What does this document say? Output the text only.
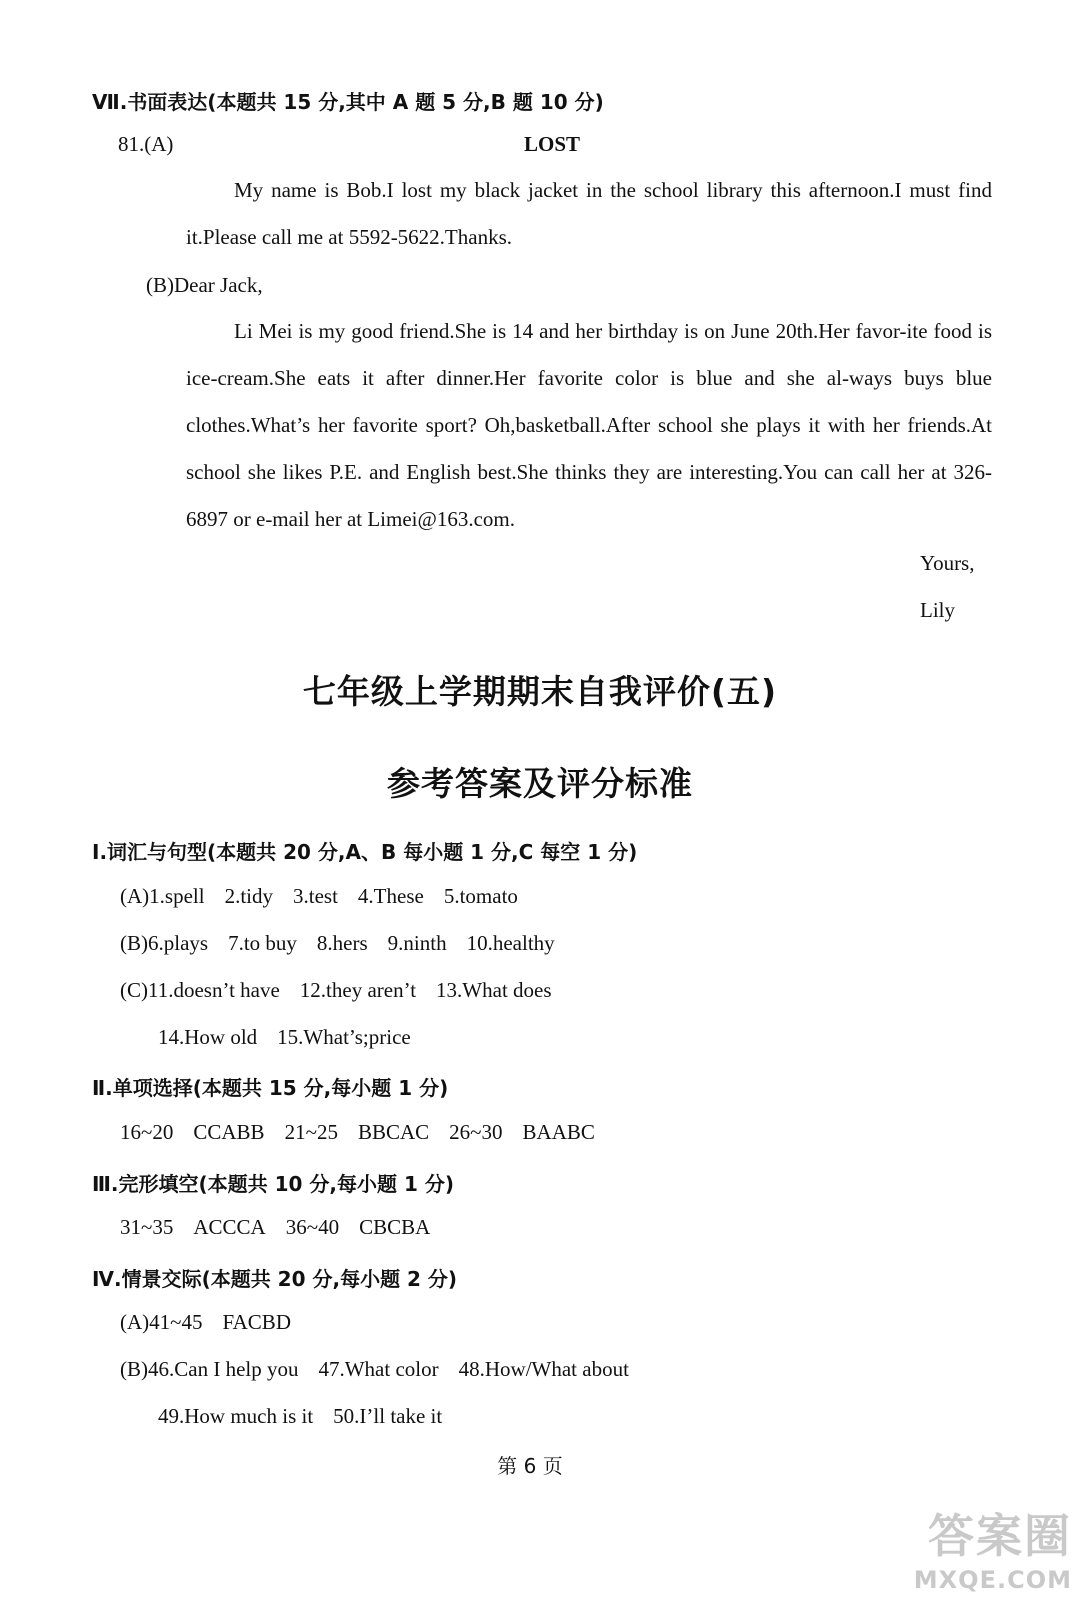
Ⅶ.书面表达(本题共 15 分,其中 A 题 5 分,B 题 10 分)
81.(A)	LOST
My name is Bob.I lost my black jacket in the school library this afternoon.I must find it.Please call me at 5592-5622.Thanks.
(B)Dear Jack,
Li Mei is my good friend.She is 14 and her birthday is on June 20th.Her favor-ite food is ice-cream.She eats it after dinner.Her favorite color is blue and she al-ways buys blue clothes.What’s her favorite sport? Oh,basketball.After school she plays it with her friends.At school she likes P.E. and English best.She thinks they are interesting.You can call her at 326-6897 or e-mail her at Limei@163.com.
Yours,
Lily
七年级上学期期末自我评价(五)
参考答案及评分标准
Ⅰ.词汇与句型(本题共 20 分,A、B 每小题 1 分,C 每空 1 分)
(A)1.spell 2.tidy 3.test 4.These 5.tomato
(B)6.plays 7.to buy 8.hers 9.ninth 10.healthy
(C)11.doesn’t have 12.they aren’t 13.What does
14.How old 15.What’s;price
Ⅱ.单项选择(本题共 15 分,每小题 1 分)
16~20 CCABB 21~25 BBCAC 26~30 BAABC
Ⅲ.完形填空(本题共 10 分,每小题 1 分)
31~35 ACCCA 36~40 CBCBA
Ⅳ.情景交际(本题共 20 分,每小题 2 分)
(A)41~45 FACBD
(B)46.Can I help you 47.What color 48.How/What about
49.How much is it 50.I’ll take it
第 6 页
答案圈
MXQE.COM
